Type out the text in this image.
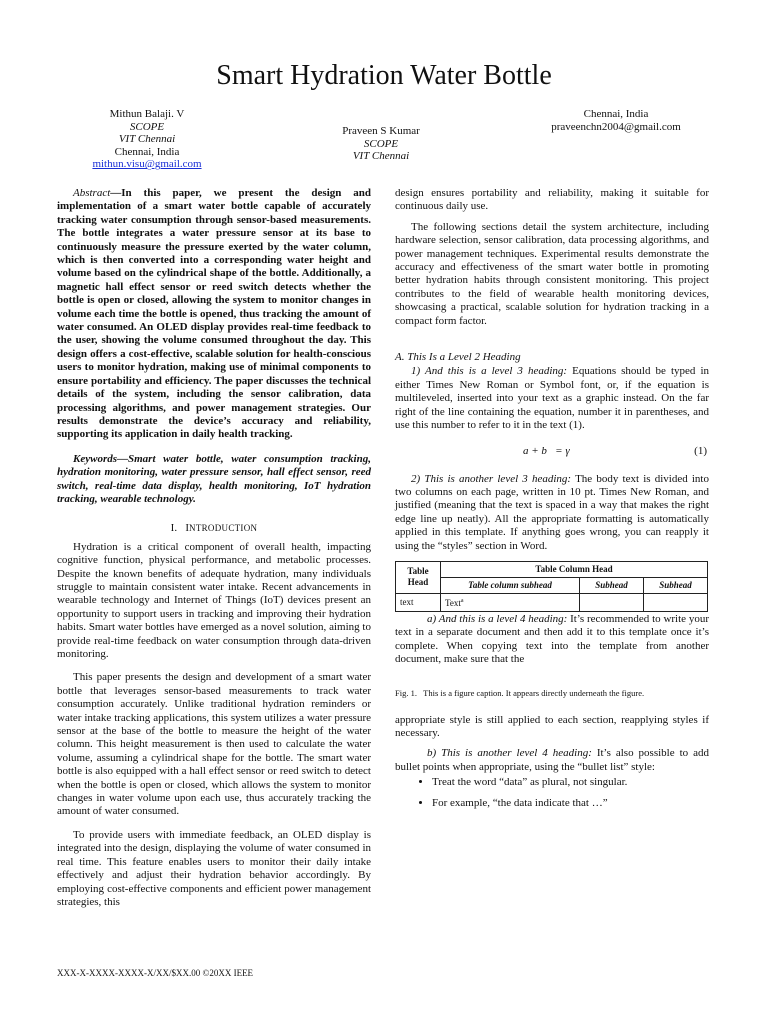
Smart Hydration Water Bottle
Mithun Balaji. V
SCOPE
VIT Chennai
Chennai, India
mithun.visu@gmail.com
Praveen S Kumar
SCOPE
VIT Chennai
Chennai, India
praveenchn2004@gmail.com

Abstract—In this paper, we present the design and implementation of a smart water bottle capable of accurately tracking water consumption through sensor-based measurements. The bottle integrates a water pressure sensor at its base to continuously measure the pressure exerted by the water column, which is then converted into a corresponding water height and volume based on the cylindrical shape of the bottle. Additionally, a magnetic hall effect sensor or reed switch detects whether the bottle is open or closed, allowing the system to monitor changes in volume each time the bottle is opened, thus tracking the amount of water consumed. An OLED display provides real-time feedback to the user, showing the volume consumed throughout the day. This design offers a cost-effective, scalable solution for health-conscious users to monitor hydration, making use of minimal components to ensure portability and efficiency. The paper discusses the technical details of the system, including the sensor calibration, data processing algorithms, and power management strategies. Our results demonstrate the device’s accuracy and reliability, supporting its application in daily health tracking.

Keywords—Smart water bottle, water consumption tracking, hydration monitoring, water pressure sensor, hall effect sensor, reed switch, real-time data display, health monitoring, IoT hydration tracking, wearable technology.

I. INTRODUCTION

Hydration is a critical component of overall health, impacting cognitive function, physical performance, and metabolic processes. Despite the known benefits of adequate hydration, many individuals struggle to maintain consistent water intake. Recent advancements in wearable technology and Internet of Things (IoT) devices present an opportunity to support users in tracking and improving their hydration habits. Smart water bottles have emerged as a novel solution, aiming to provide real-time feedback on water consumption through data-driven monitoring.

This paper presents the design and development of a smart water bottle that leverages sensor-based measurements to track water consumption accurately. Unlike traditional hydration reminders or water intake tracking applications, this system utilizes a water pressure sensor at the base of the bottle to measure the height of the water column. This height measurement is then used to calculate the water volume, assuming a cylindrical shape for the bottle. The smart water bottle is also equipped with a hall effect sensor or reed switch to detect when the bottle is open or closed, which allows the system to monitor changes in water volume upon each use, thus accurately tracking the amount of water consumed.

To provide users with immediate feedback, an OLED display is integrated into the design, displaying the volume of water consumed in real time. This feature enables users to monitor their daily intake effectively and adjust their hydration behavior accordingly. By employing cost-effective components and efficient power management strategies, this

design ensures portability and reliability, making it suitable for continuous daily use.

The following sections detail the system architecture, including hardware selection, sensor calibration, data processing algorithms, and power management techniques. Experimental results demonstrate the accuracy and effectiveness of the smart water bottle in promoting better hydration habits through consistent monitoring. This project contributes to the field of wearable health monitoring devices, showcasing a practical, scalable solution for hydration tracking in a compact form factor.

A. This Is a Level 2 Heading

1) And this is a level 3 heading: Equations should be typed in either Times New Roman or Symbol font, or, if the equation is multileveled, inserted into your text as a graphic instead. On the far right of the line containing the equation, number it in parentheses, and use this number to refer to it in the text (1).

a + b   = γ	(1)

2) This is another level 3 heading: The body text is divided into two columns on each page, written in 10 pt. Times New Roman, and justified (meaning that the text is spaced in a way that makes the right edge line up neatly). All the appropriate formatting is automatically applied in this template. If anything goes wrong, you can reapply it using the “styles” section in Word.

Table Head	Table Column Head		
	Table column subhead	Subhead	Subhead
text	Text$^a$		

a) And this is a level 4 heading: It’s recommended to write your text in a separate document and then add it to this template once it’s complete. When copying text into the template from another document, make sure that the

Fig. 1.   This is a figure caption. It appears directly underneath the figure.

appropriate style is still applied to each section, reapplying styles if necessary.

b) This is another level 4 heading: It’s also possible to add bullet points when appropriate, using the “bullet list” style:

• Treat the word “data” as plural, not singular.
• For example, “the data indicate that …”
XXX-X-XXXX-XXXX-X/XX/$XX.00 ©20XX IEEE
